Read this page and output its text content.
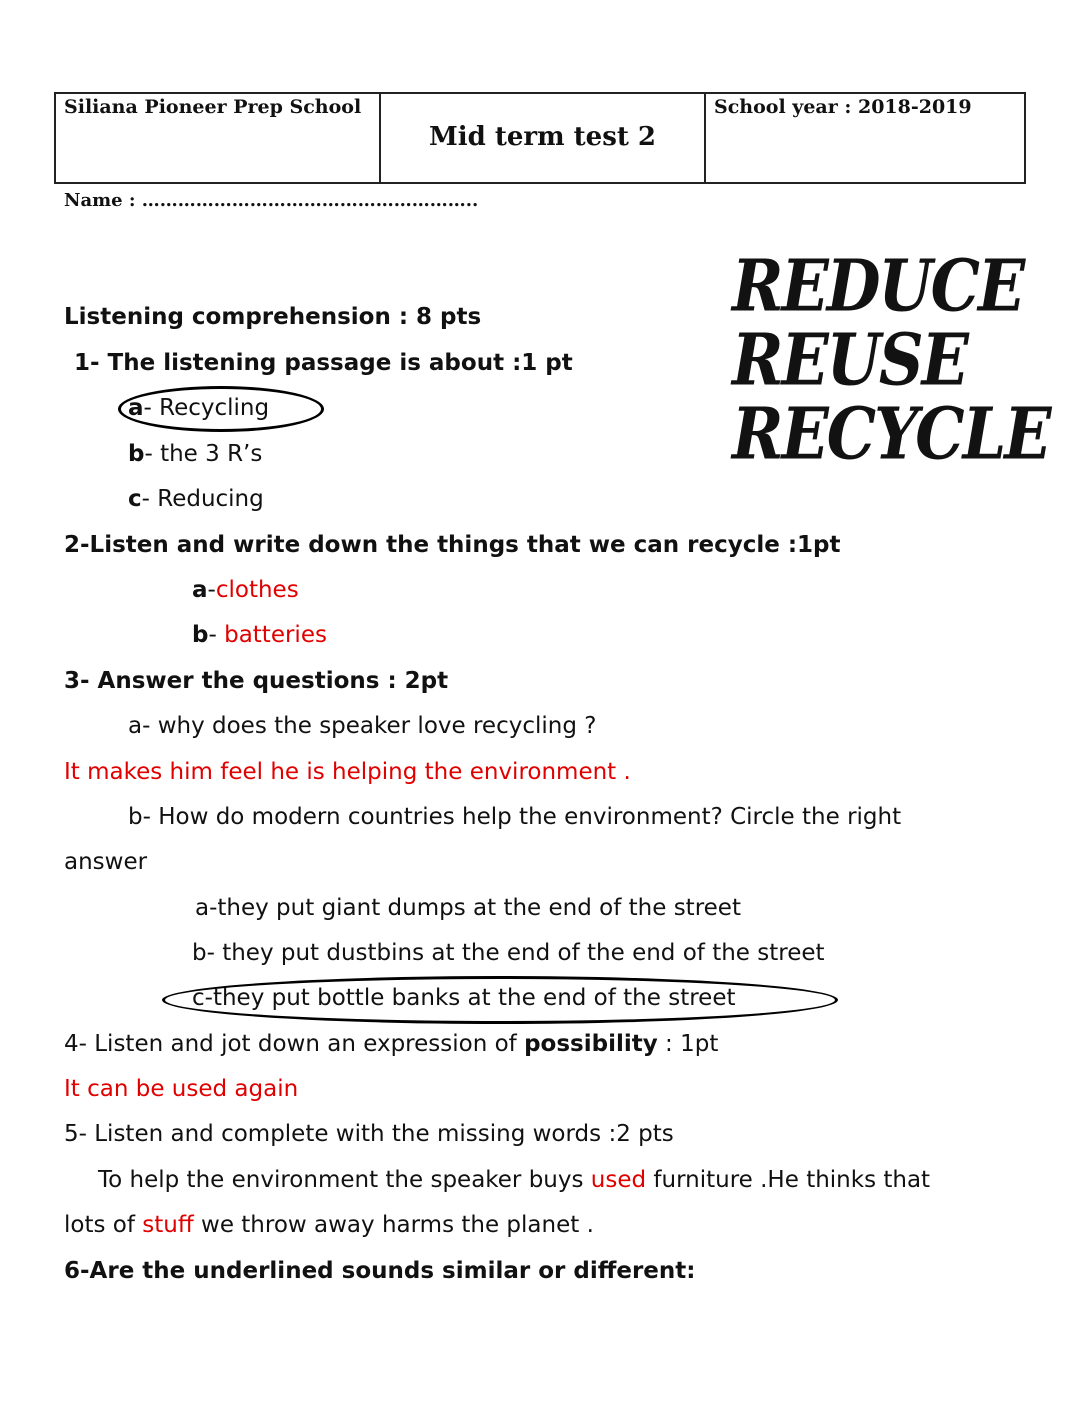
Siliana Pioneer Prep School
Mid term test 2
School year : 2018-2019
Name : ………………………………………………..
REDUCE
REUSE
RECYCLE
Listening comprehension : 8 pts
1- The listening passage is about :1 pt
a- Recycling
b- the 3 R’s
c- Reducing
2-Listen and write down the things that we can recycle :1pt
a-clothes
b- batteries
3- Answer the questions : 2pt
a- why does the speaker love recycling ?
It makes him feel he is helping the environment .
b- How do modern countries help the environment? Circle the right
answer
a-they put giant dumps at the end of the street
b- they put dustbins at the end of the end of the street
c-they put bottle banks at the end of the street
4- Listen and jot down an expression of possibility : 1pt
It can be used again
5- Listen and complete with the missing words :2 pts
To help the environment the speaker buys used furniture .He thinks that
lots of stuff we throw away harms the planet .
6-Are the underlined sounds similar or different:
